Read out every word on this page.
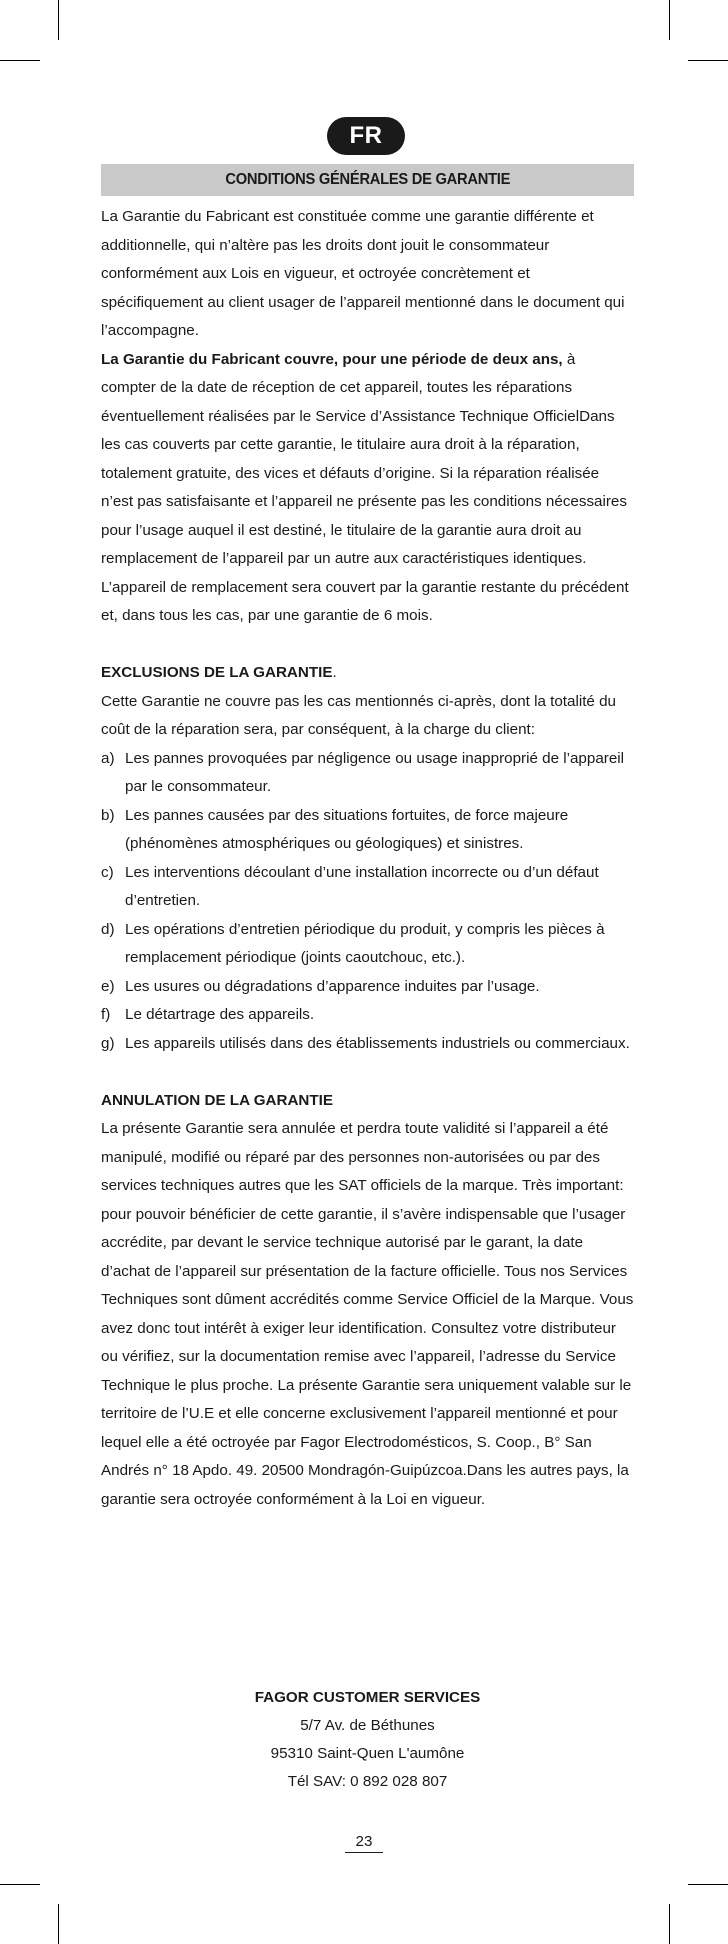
FR
CONDITIONS GÉNÉRALES DE GARANTIE

La Garantie du Fabricant est constituée comme une garantie différente et additionnelle, qui n’altère pas les droits dont jouit le consommateur conformément aux Lois en vigueur, et octroyée concrètement et spécifiquement au client usager de l’appareil mentionné dans le document qui l’accompagne.

La Garantie du Fabricant couvre, pour une période de deux ans, à compter de la date de réception de cet appareil, toutes les réparations éventuellement réalisées par le Service d’Assistance Technique OfficielDans les cas couverts par cette garantie, le titulaire aura droit à la réparation, totalement gratuite, des vices et défauts d’origine. Si la réparation réalisée n’est pas satisfaisante et l’appareil ne présente pas les conditions nécessaires pour l’usage auquel il est destiné, le titulaire de la garantie aura droit au remplacement de l’appareil par un autre aux caractéristiques identiques. L’appareil de remplacement sera couvert par la garantie restante du précédent et, dans tous les cas, par une garantie de 6 mois.

EXCLUSIONS DE LA GARANTIE.

Cette Garantie ne couvre pas les cas mentionnés ci-après, dont la totalité du coût de la réparation sera, par conséquent, à la charge du client:

a) Les pannes provoquées par négligence ou usage inapproprié de l’appareil par le consommateur.
b) Les pannes causées par des situations fortuites, de force majeure (phénomènes atmosphériques ou géologiques) et sinistres.
c) Les interventions découlant d’une installation incorrecte ou d’un défaut d’entretien.
d) Les opérations d’entretien périodique du produit, y compris les pièces à remplacement périodique (joints caoutchouc, etc.).
e) Les usures ou dégradations d’apparence induites par l’usage.
f) Le détartrage des appareils.
g) Les appareils utilisés dans des établissements industriels ou commerciaux.

ANNULATION DE LA GARANTIE

La présente Garantie sera annulée et perdra toute validité si l’appareil a été manipulé, modifié ou réparé par des personnes non-autorisées ou par des services techniques autres que les SAT officiels de la marque. Très important: pour pouvoir bénéficier de cette garantie, il s’avère indispensable que l’usager accrédite, par devant le service technique autorisé par le garant, la date d’achat de l’appareil sur présentation de la facture officielle. Tous nos Services Techniques sont dûment accrédités comme Service Officiel de la Marque. Vous avez donc tout intérêt à exiger leur identification. Consultez votre distributeur ou vérifiez, sur la documentation remise avec l’appareil, l’adresse du Service Technique le plus proche. La présente Garantie sera uniquement valable sur le territoire de l’U.E et elle concerne exclusivement l’appareil mentionné et pour lequel elle a été octroyée par Fagor Electrodomésticos, S. Coop., B° San Andrés n° 18 Apdo. 49. 20500 Mondragón-Guipúzcoa.Dans les autres pays, la garantie sera octroyée conformément à la Loi en vigueur.

FAGOR CUSTOMER SERVICES
5/7 Av. de Béthunes
95310 Saint-Quen L'aumône
Tél SAV: 0 892 028 807
23
